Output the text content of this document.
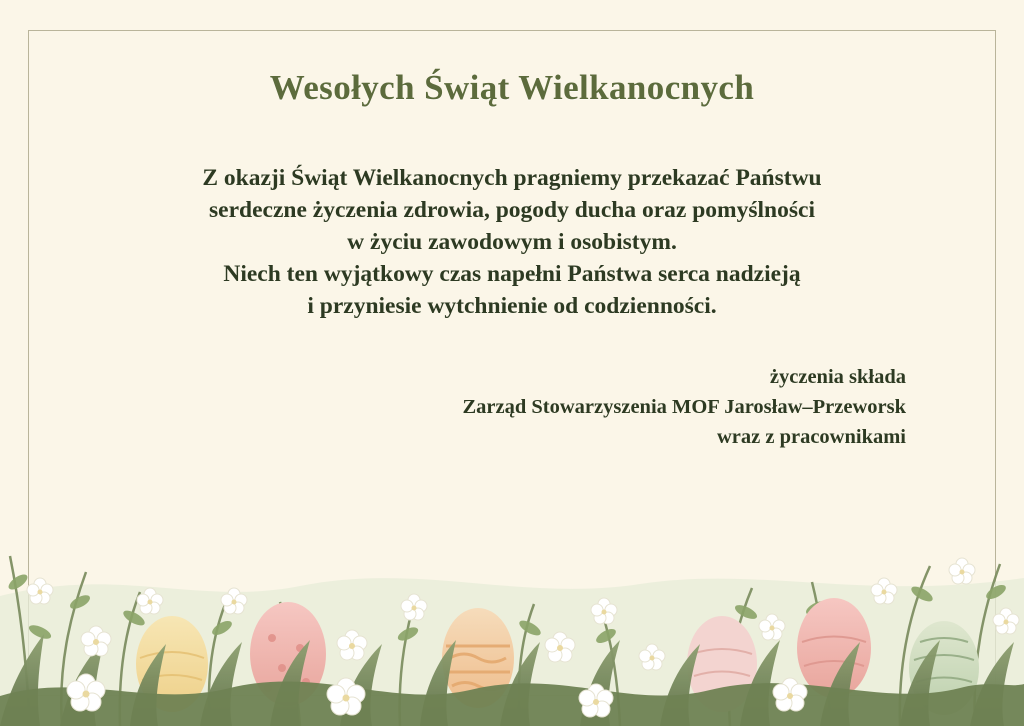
Wesołych Świąt Wielkanocnych
Z okazji Świąt Wielkanocnych pragniemy przekazać Państwu
serdeczne życzenia zdrowia, pogody ducha oraz pomyślności
w życiu zawodowym i osobistym.
Niech ten wyjątkowy czas napełni Państwa serca nadzieją
i przyniesie wytchnienie od codzienności.
życzenia składa
Zarząd Stowarzyszenia MOF Jarosław–Przeworsk
wraz z pracownikami
